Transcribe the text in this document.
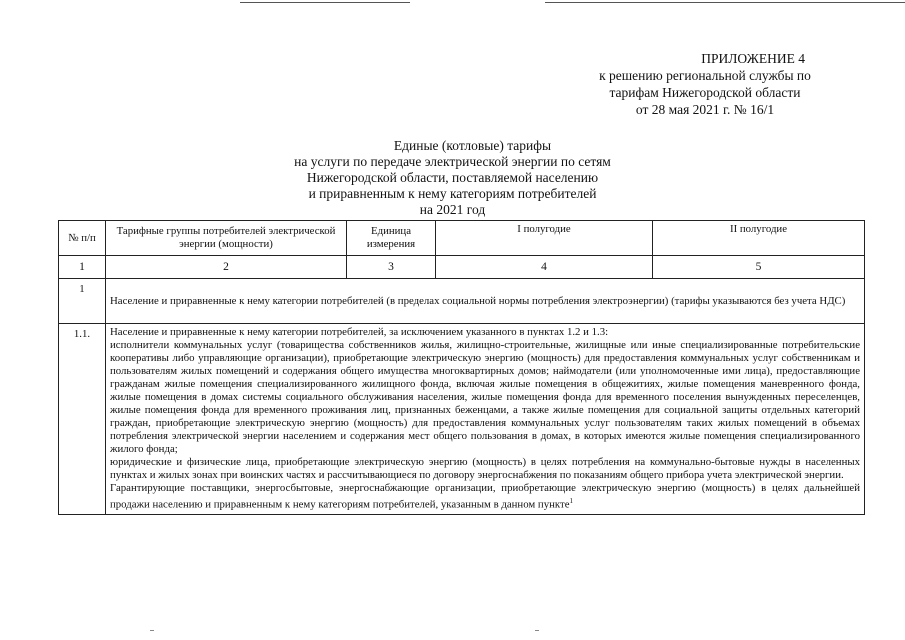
ПРИЛОЖЕНИЕ 4
к решению региональной службы по
тарифам Нижегородской области
от 28 мая 2021 г. № 16/1
Единые (котловые) тарифы
на услуги по передаче электрической энергии по сетям
Нижегородской области, поставляемой населению
и приравненным к нему категориям потребителей
на 2021 год
№ п/п	Тарифные группы потребителей электрической энергии (мощности)	Единица измерения	I полугодие	II полугодие
1	2	3	4	5
1	Население и приравненные к нему категории потребителей (в пределах социальной нормы потребления электроэнергии) (тарифы указываются без учета НДС)			
1.1.	Население и приравненные к нему категории потребителей, за исключением указанного в пунктах 1.2 и 1.3:

исполнители коммунальных услуг (товарищества собственников жилья, жилищно-строительные, жилищные или иные специализированные потребительские кооперативы либо управляющие организации), приобретающие электрическую энергию (мощность) для предоставления коммунальных услуг собственникам и пользователям жилых помещений и содержания общего имущества многоквартирных домов; наймодатели (или уполномоченные ими лица), предоставляющие гражданам жилые помещения специализированного жилищного фонда, включая жилые помещения в общежитиях, жилые помещения маневренного фонда, жилые помещения в домах системы социального обслуживания населения, жилые помещения фонда для временного поселения вынужденных переселенцев, жилые помещения фонда для временного проживания лиц, признанных беженцами, а также жилые помещения для социальной защиты отдельных категорий граждан, приобретающие электрическую энергию (мощность) для предоставления коммунальных услуг пользователям таких жилых помещений в объемах потребления электрической энергии населением и содержания мест общего пользования в домах, в которых имеются жилые помещения специализированного жилого фонда;

юридические и физические лица, приобретающие электрическую энергию (мощность) в целях потребления на коммунально-бытовые нужды в населенных пунктах и жилых зонах при воинских частях и рассчитывающиеся по договору энергоснабжения по показаниям общего прибора учета электрической энергии.

Гарантирующие поставщики, энергосбытовые, энергоснабжающие организации, приобретающие электрическую энергию (мощность) в целях дальнейшей продажи населению и приравненным к нему категориям потребителей, указанным в данном пункте$^1$
